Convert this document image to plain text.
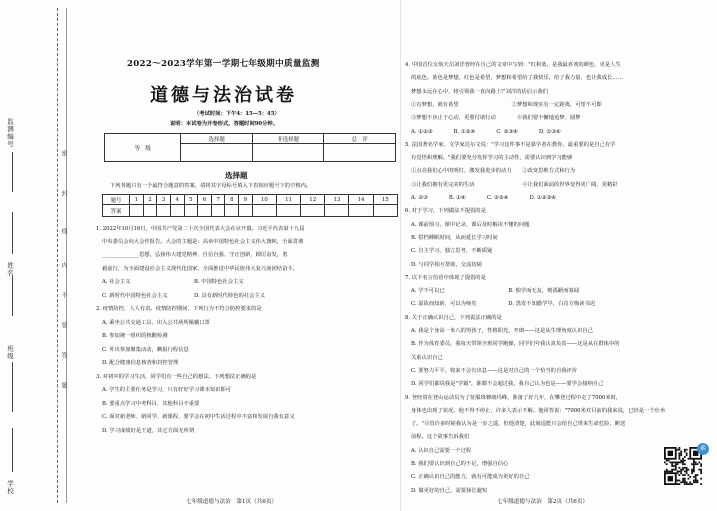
监测编号
姓名
班级
学校
密
封
线
内
不
要
答
题
2022～2023学年第一学期七年级期中质量监测
道德与法治试卷
（考试时间：下午4：15—5：45）
说明：本试卷为开卷形式，答题时间90分钟。
等　级	选择题	非选择题	总　评

选择题
下列各题只有一个最符合题意的答案，请将其字母标号填入下表相应题号下的空格内。
题号	1	2	3	4	5	6	7	8	9	10	11	12	13	14	15
答案															
1. 2022年10月16日，中国共产党第二十次全国代表大会在京开幕。习近平代表第十九届
中央委员会向大会作报告。大会的主题是：高举中国特色社会主义伟大旗帜，全面贯彻
______________思想，弘扬伟大建党精神，自信自强、守正创新，踔厉奋发，勇
毅前行，为全面建设社会主义现代化国家、全面推进中华民族伟大复兴而团结奋斗。
A. 社会主义　　　　　　　　　　　　B. 中国特色社会主义
C. 新时代中国特色社会主义　　　　　D. 具有新时代特色的社会主义
2. 疫情防控，人人有责。疫情防控期间，下列行为不符合防控要求的是
A. 乘坐公共交通工具，出入公共场所佩戴口罩
B. 参加统一组织的核酸检测
C. 外出参加聚集活动，瞒报行程信息
D. 配合健康信息核查和封控管理
3. 对初中的学习生活，同学们有一些自己的想法。下列想法正确的是
A. 学生的主要任务是学习，只有好好学习课本知识即可
B. 要重点学习中考科目，其他科目不重要
C. 面对新老师、新同学、新课程，要学会在初中生活过程中丰富和发展自我有意义
D. 学习成绩好是王道，其它方面无所谓
七年级道德与法治　第1页（共6页）
4. 中国首位女航天员刘洋曾经在自己的文章中写到："红和蓝，是我最喜欢的颜色，更是人生
的底色。蓝色是梦想，红色是希望，梦想和希望给了我快乐，给了我力量，也让我成长……
梦想永远在心中，将引领我一直向路上!"刘洋的话启示我们
①有梦想，就有希望　　　　　　　　　　②梦想和现实有一定距离，可望不可即
③梦想不应止于心动，更要付诸行动　　　　④我们要不懈地追梦、圆梦
A. ①②③　　　　B. ①②④　　　　C. ②③④　　　　D. ①③④
5. 法国著名学家、文学家达尔文说："学习这件事不是靠学者在教你，最重要的是自己有学
有觉悟和理解。"我们要充分发挥学习的主动性，需要认识到学习能够
①点亮我们心中的明灯，激发我进步的动力　　②改变思维方式和行为
③让我们拥有更完美的生活　　　　　　　　　④让我们面前的世界变得更广阔、更精彩
A. ②③　　　　B. ①④　　　　C. ②③④　　　　D. ①②③④
6. 对于学习，下列做法不提倡的是
A. 课前预习，课中记录，课后及时解决不懂的问题
B. 搭档睡眠时间，从而延长学习时间
C. 自主学习，独立思考，不断质疑
D. 与同学相互帮助，交流切磋
7. 以下名言俗语中体现了提倡的是
A. 学不可以已　　　　　　　　　　　　B. 独学而无友，则孤陋而寡闻
C. 温故而知新，可以为师矣　　　　　　D. 黑发不知勤学早，白首方悔读书迟
8. 关于正确认识自己，下列说法正确的是
A. 我是个身高一米八的男孩子，性格阳光，开朗——这是从生理角度认识自己
B. 作为体育委员，我每天带领全班同学跑操，同学们夸我认真负责——这是从在群体中的
关系认识自己
C. 要努力平平，将来不会有出息——这是对自己的一个恰当的自我评价
D. 同学们都说我是"学霸"，谁都不会超过我，我自己认为也是——要学会接纳自己
9. 登经常在登山运动员为了征服珠穆朗玛峰，准备了好几年，在攀登过程中走了7000米时，
身体也出现了状况，他不得不停止，许多人表示不解。他回答说："7000米对目前的我来说，已经是一个壮举
了。"尽管许多时候我认为是一步之遥，但他清楚，此刻适能只会给自己带来生命危险，断送
前程。这个故事告诉我们
A. 认识自己需要一个过程
B. 我们要认识到自己的不足，增强自信心
C. 正确认识自己的能力，就有可能成为更好的自己
D. 做更好的自己，需要扬长避短
七年级道德与法治　第2页（共6页）
索
